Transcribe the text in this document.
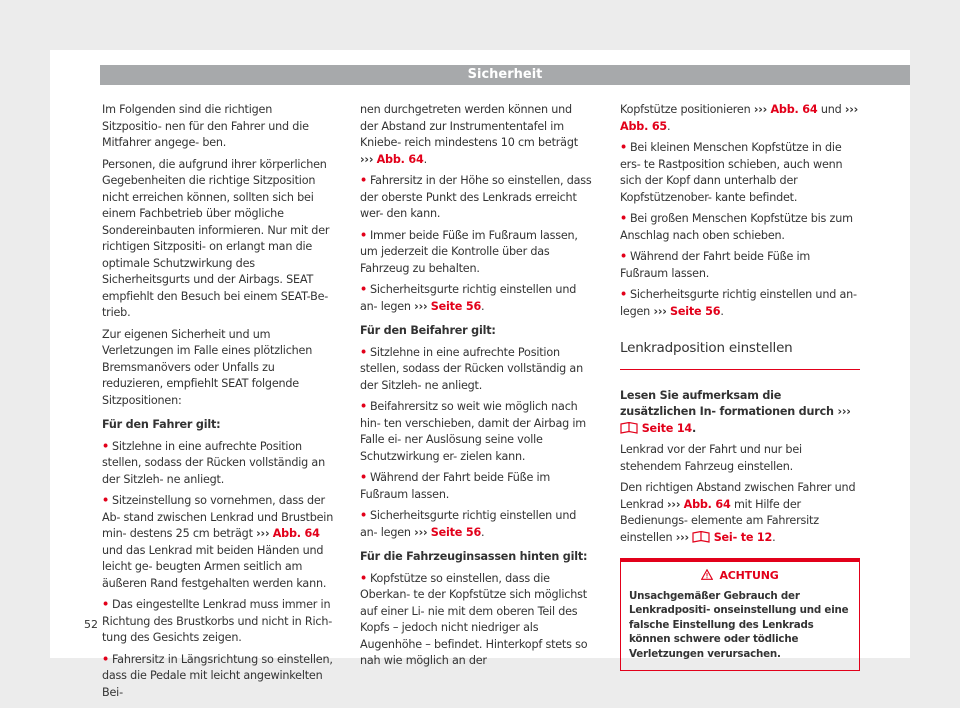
Sicherheit

Im Folgenden sind die richtigen Sitzpositio- nen für den Fahrer und die Mitfahrer angege- ben.

Personen, die aufgrund ihrer körperlichen Gegebenheiten die richtige Sitzposition nicht erreichen können, sollten sich bei einem Fachbetrieb über mögliche Sondereinbauten informieren. Nur mit der richtigen Sitzpositi- on erlangt man die optimale Schutzwirkung des Sicherheitsgurts und der Airbags. SEAT empfiehlt den Besuch bei einem SEAT-Be- trieb.

Zur eigenen Sicherheit und um Verletzungen im Falle eines plötzlichen Bremsmanövers oder Unfalls zu reduzieren, empfiehlt SEAT folgende Sitzpositionen:

Für den Fahrer gilt:

• Sitzlehne in eine aufrechte Position stellen, sodass der Rücken vollständig an der Sitzleh- ne anliegt.

• Sitzeinstellung so vornehmen, dass der Ab- stand zwischen Lenkrad und Brustbein min- destens 25 cm beträgt ››› Abb. 64 und das Lenkrad mit beiden Händen und leicht ge- beugten Armen seitlich am äußeren Rand festgehalten werden kann.

• Das eingestellte Lenkrad muss immer in Richtung des Brustkorbs und nicht in Rich- tung des Gesichts zeigen.

• Fahrersitz in Längsrichtung so einstellen, dass die Pedale mit leicht angewinkelten Bei-

nen durchgetreten werden können und der Abstand zur Instrumententafel im Kniebe- reich mindestens 10 cm beträgt ››› Abb. 64.

• Fahrersitz in der Höhe so einstellen, dass der oberste Punkt des Lenkrads erreicht wer- den kann.

• Immer beide Füße im Fußraum lassen, um jederzeit die Kontrolle über das Fahrzeug zu behalten.

• Sicherheitsgurte richtig einstellen und an- legen ››› Seite 56.

Für den Beifahrer gilt:

• Sitzlehne in eine aufrechte Position stellen, sodass der Rücken vollständig an der Sitzleh- ne anliegt.

• Beifahrersitz so weit wie möglich nach hin- ten verschieben, damit der Airbag im Falle ei- ner Auslösung seine volle Schutzwirkung er- zielen kann.

• Während der Fahrt beide Füße im Fußraum lassen.

• Sicherheitsgurte richtig einstellen und an- legen ››› Seite 56.

Für die Fahrzeuginsassen hinten gilt:

• Kopfstütze so einstellen, dass die Oberkan- te der Kopfstütze sich möglichst auf einer Li- nie mit dem oberen Teil des Kopfs – jedoch nicht niedriger als Augenhöhe – befindet. Hinterkopf stets so nah wie möglich an der

Kopfstütze positionieren ››› Abb. 64 und ››› Abb. 65.

• Bei kleinen Menschen Kopfstütze in die ers- te Rastposition schieben, auch wenn sich der Kopf dann unterhalb der Kopfstützenober- kante befindet.

• Bei großen Menschen Kopfstütze bis zum Anschlag nach oben schieben.

• Während der Fahrt beide Füße im Fußraum lassen.

• Sicherheitsgurte richtig einstellen und an- legen ››› Seite 56.

Lenkradposition einstellen

Lesen Sie aufmerksam die zusätzlichen In- formationen durch ›››  Seite 14.

Lenkrad vor der Fahrt und nur bei stehendem Fahrzeug einstellen.

Den richtigen Abstand zwischen Fahrer und Lenkrad ››› Abb. 64 mit Hilfe der Bedienungs- elemente am Fahrersitz einstellen ››› Sei- te 12.

ACHTUNG
Unsachgemäßer Gebrauch der Lenkradpositi- onseinstellung und eine falsche Einstellung des Lenkrads können schwere oder tödliche Verletzungen verursachen.
52
